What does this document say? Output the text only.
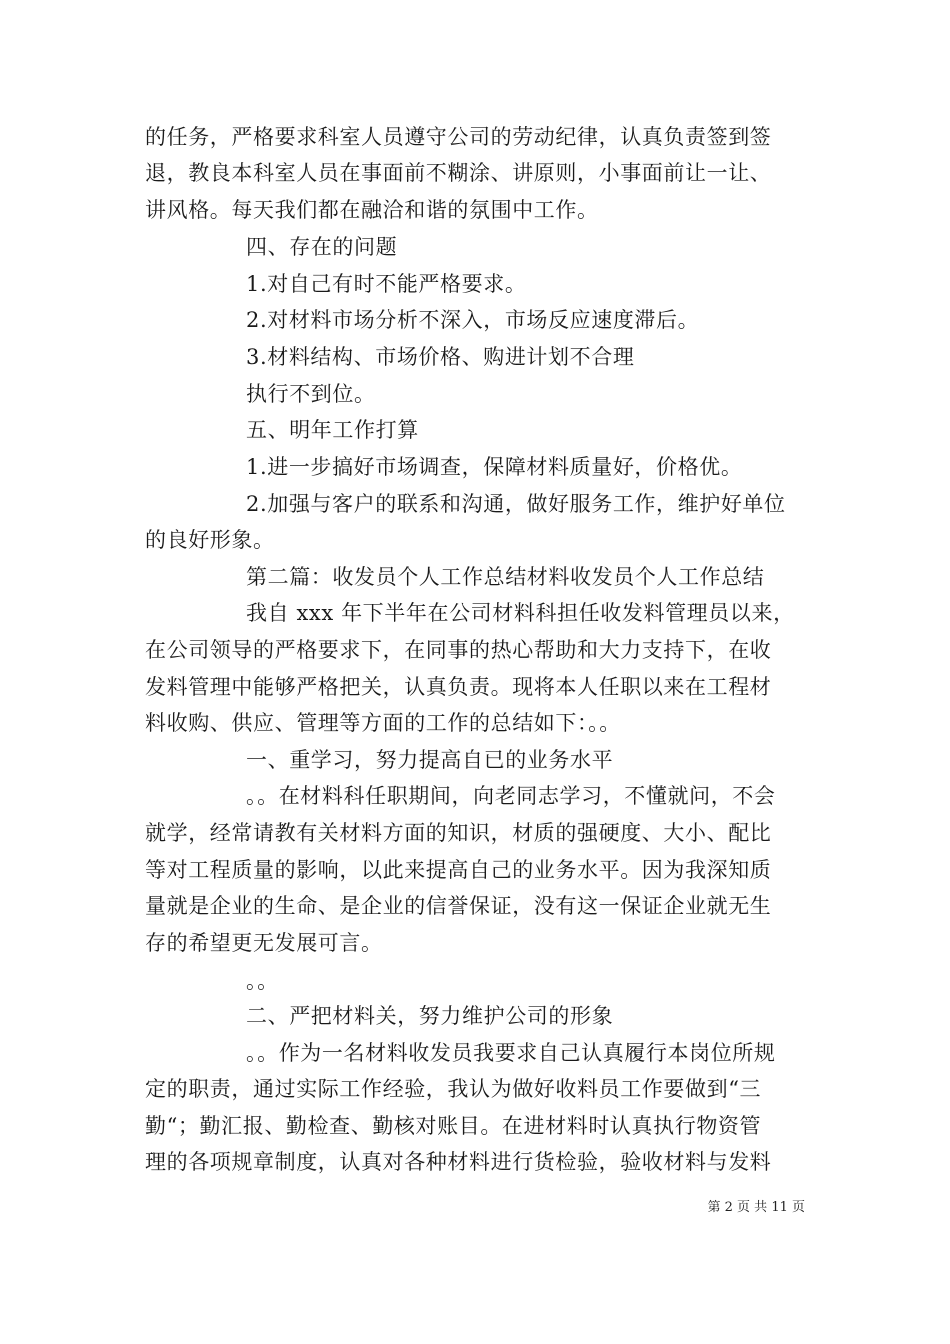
的任务，严格要求科室人员遵守公司的劳动纪律，认真负责签到签
退，教良本科室人员在事面前不糊涂、讲原则，小事面前让一让、
讲风格。每天我们都在融洽和谐的氛围中工作。
四、存在的问题
1.对自己有时不能严格要求。
2.对材料市场分析不深入，市场反应速度滞后。
3.材料结构、市场价格、购进计划不合理
执行不到位。
五、明年工作打算
1.进一步搞好市场调查，保障材料质量好，价格优。
2.加强与客户的联系和沟通，做好服务工作，维护好单位
的良好形象。
第二篇：收发员个人工作总结材料收发员个人工作总结
我自 xxx 年下半年在公司材料科担任收发料管理员以来，
在公司领导的严格要求下，在同事的热心帮助和大力支持下，在收
发料管理中能够严格把关，认真负责。现将本人任职以来在工程材
料收购、供应、管理等方面的工作的总结如下：。。
一、重学习，努力提高自已的业务水平
。。在材料科任职期间，向老同志学习，不懂就问，不会
就学，经常请教有关材料方面的知识，材质的强硬度、大小、配比
等对工程质量的影响，以此来提高自己的业务水平。因为我深知质
量就是企业的生命、是企业的信誉保证，没有这一保证企业就无生
存的希望更无发展可言。
。。
二、严把材料关，努力维护公司的形象
。。作为一名材料收发员我要求自己认真履行本岗位所规
定的职责，通过实际工作经验，我认为做好收料员工作要做到“三
勤“；勤汇报、勤检查、勤核对账目。在进材料时认真执行物资管
理的各项规章制度，认真对各种材料进行货检验，验收材料与发料
第 2 页 共 11 页
